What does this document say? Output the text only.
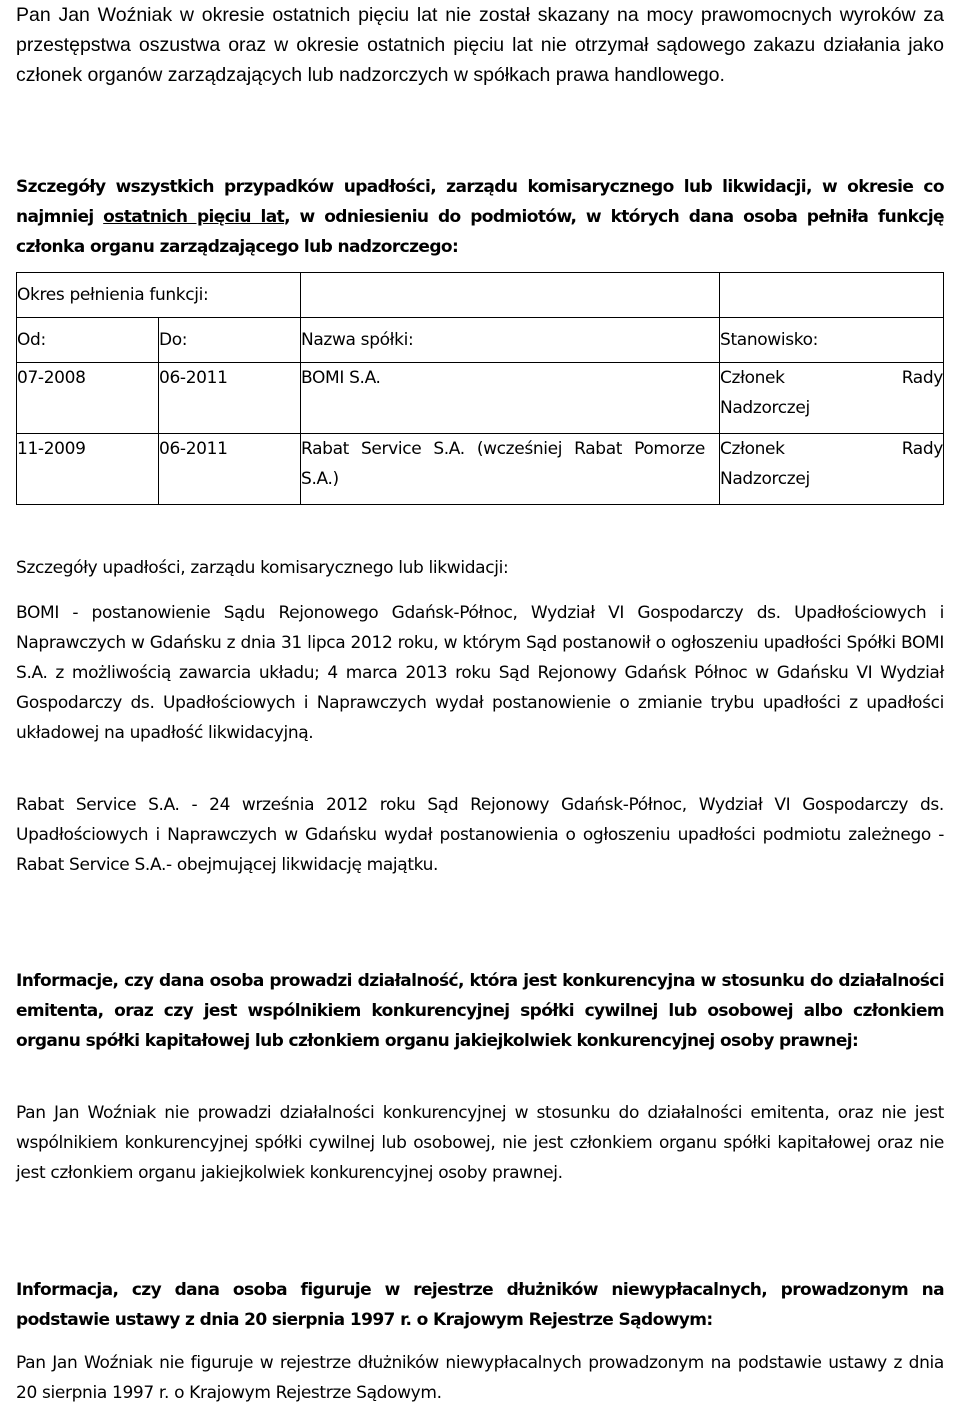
Pan Jan Woźniak w okresie ostatnich pięciu lat nie został skazany na mocy prawomocnych wyroków za przestępstwa oszustwa oraz w okresie ostatnich pięciu lat nie otrzymał sądowego zakazu działania jako członek organów zarządzających lub nadzorczych w spółkach prawa handlowego.

Szczegóły wszystkich przypadków upadłości, zarządu komisarycznego lub likwidacji, w okresie co najmniej ostatnich pięciu lat, w odniesieniu do podmiotów, w których dana osoba pełniła funkcję członka organu zarządzającego lub nadzorczego:

Okres pełnienia funkcji:			
Od:	Do:	Nazwa spółki:	Stanowisko:
07-2008	06-2011	BOMI S.A.	Członek Rady
Nadzorczej

11-2009	06-2011	Rabat Service S.A. (wcześniej Rabat Pomorze S.A.)	Członek Rady
Nadzorczej

Szczegóły upadłości, zarządu komisarycznego lub likwidacji:

BOMI - postanowienie Sądu Rejonowego Gdańsk-Północ, Wydział VI Gospodarczy ds. Upadłościowych i Naprawczych w Gdańsku z dnia 31 lipca 2012 roku, w którym Sąd postanowił o ogłoszeniu upadłości Spółki BOMI S.A. z możliwością zawarcia układu; 4 marca 2013 roku Sąd Rejonowy Gdańsk Północ w Gdańsku VI Wydział Gospodarczy ds. Upadłościowych i Naprawczych wydał postanowienie o zmianie trybu upadłości z upadłości układowej na upadłość likwidacyjną.

Rabat Service S.A. - 24 września 2012 roku Sąd Rejonowy Gdańsk-Północ, Wydział VI Gospodarczy ds. Upadłościowych i Naprawczych w Gdańsku wydał postanowienia o ogłoszeniu upadłości podmiotu zależnego - Rabat Service S.A.- obejmującej likwidację majątku.

Informacje, czy dana osoba prowadzi działalność, która jest konkurencyjna w stosunku do działalności emitenta, oraz czy jest wspólnikiem konkurencyjnej spółki cywilnej lub osobowej albo członkiem organu spółki kapitałowej lub członkiem organu jakiejkolwiek konkurencyjnej osoby prawnej:

Pan Jan Woźniak nie prowadzi działalności konkurencyjnej w stosunku do działalności emitenta, oraz nie jest wspólnikiem konkurencyjnej spółki cywilnej lub osobowej, nie jest członkiem organu spółki kapitałowej oraz nie jest członkiem organu jakiejkolwiek konkurencyjnej osoby prawnej.

Informacja, czy dana osoba figuruje w rejestrze dłużników niewypłacalnych, prowadzonym na podstawie ustawy z dnia 20 sierpnia 1997 r. o Krajowym Rejestrze Sądowym:

Pan Jan Woźniak nie figuruje w rejestrze dłużników niewypłacalnych prowadzonym na podstawie ustawy z dnia 20 sierpnia 1997 r. o Krajowym Rejestrze Sądowym.
